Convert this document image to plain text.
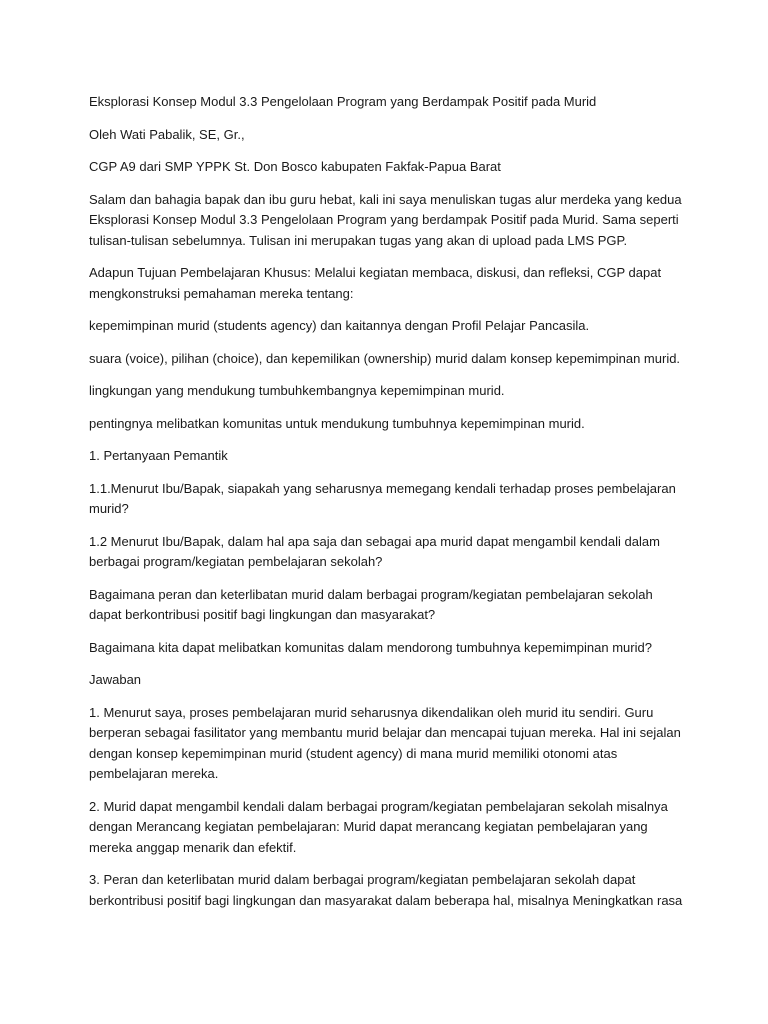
Eksplorasi Konsep Modul 3.3 Pengelolaan Program yang Berdampak Positif pada Murid

Oleh Wati Pabalik, SE, Gr.,

CGP A9 dari SMP YPPK St. Don Bosco kabupaten Fakfak-Papua Barat

Salam dan bahagia bapak dan ibu guru hebat, kali ini saya menuliskan tugas alur merdeka yang kedua Eksplorasi Konsep Modul 3.3 Pengelolaan Program yang berdampak Positif pada Murid. Sama seperti tulisan-tulisan sebelumnya. Tulisan ini merupakan tugas yang akan di upload pada LMS PGP.

Adapun Tujuan Pembelajaran Khusus: Melalui kegiatan membaca, diskusi, dan refleksi, CGP dapat mengkonstruksi pemahaman mereka tentang:

kepemimpinan murid (students agency) dan kaitannya dengan Profil Pelajar Pancasila.

suara (voice), pilihan (choice), dan kepemilikan (ownership) murid dalam konsep kepemimpinan murid.

lingkungan yang mendukung tumbuhkembangnya kepemimpinan murid.

pentingnya melibatkan komunitas untuk mendukung tumbuhnya kepemimpinan murid.

1. Pertanyaan Pemantik

1.1.Menurut Ibu/Bapak, siapakah yang seharusnya memegang kendali terhadap proses pembelajaran murid?

1.2 Menurut Ibu/Bapak, dalam hal apa saja dan sebagai apa murid dapat mengambil kendali dalam berbagai program/kegiatan pembelajaran sekolah?

Bagaimana peran dan keterlibatan murid dalam berbagai program/kegiatan pembelajaran sekolah dapat berkontribusi positif bagi lingkungan dan masyarakat?

Bagaimana kita dapat melibatkan komunitas dalam mendorong tumbuhnya kepemimpinan murid?

Jawaban

1. Menurut saya, proses pembelajaran murid seharusnya dikendalikan oleh murid itu sendiri. Guru berperan sebagai fasilitator yang membantu murid belajar dan mencapai tujuan mereka. Hal ini sejalan dengan konsep kepemimpinan murid (student agency) di mana murid memiliki otonomi atas pembelajaran mereka.

2. Murid dapat mengambil kendali dalam berbagai program/kegiatan pembelajaran sekolah misalnya dengan Merancang kegiatan pembelajaran: Murid dapat merancang kegiatan pembelajaran yang mereka anggap menarik dan efektif.

3. Peran dan keterlibatan murid dalam berbagai program/kegiatan pembelajaran sekolah dapat berkontribusi positif bagi lingkungan dan masyarakat dalam beberapa hal, misalnya Meningkatkan rasa
